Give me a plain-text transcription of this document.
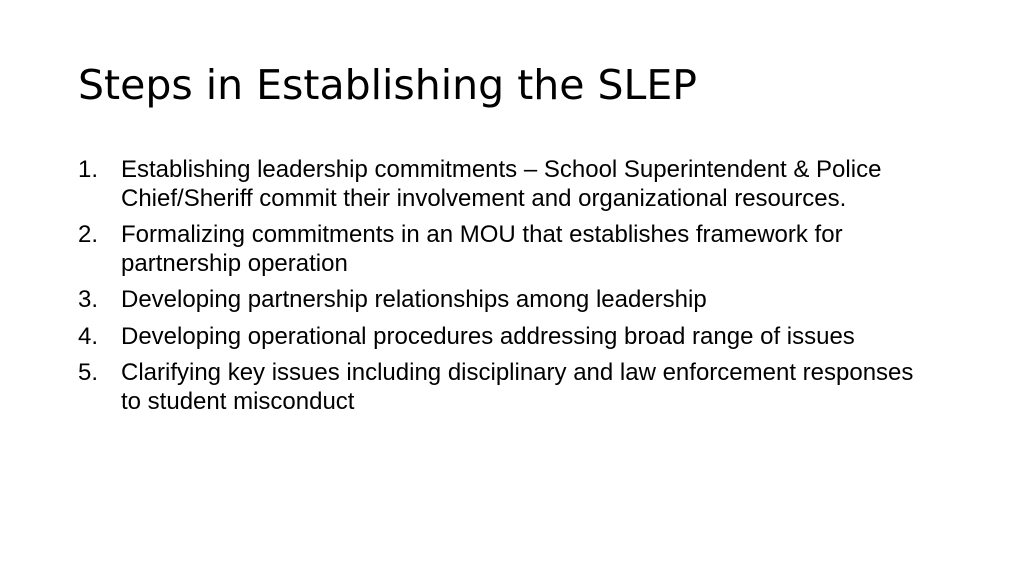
Steps in Establishing the SLEP
1. Establishing leadership commitments – School Superintendent & Police Chief/Sheriff commit their involvement and organizational resources.
2. Formalizing commitments in an MOU that establishes framework for partnership operation
3. Developing partnership relationships among leadership
4. Developing operational procedures addressing broad range of issues
5. Clarifying key issues including disciplinary and law enforcement responses to student misconduct
